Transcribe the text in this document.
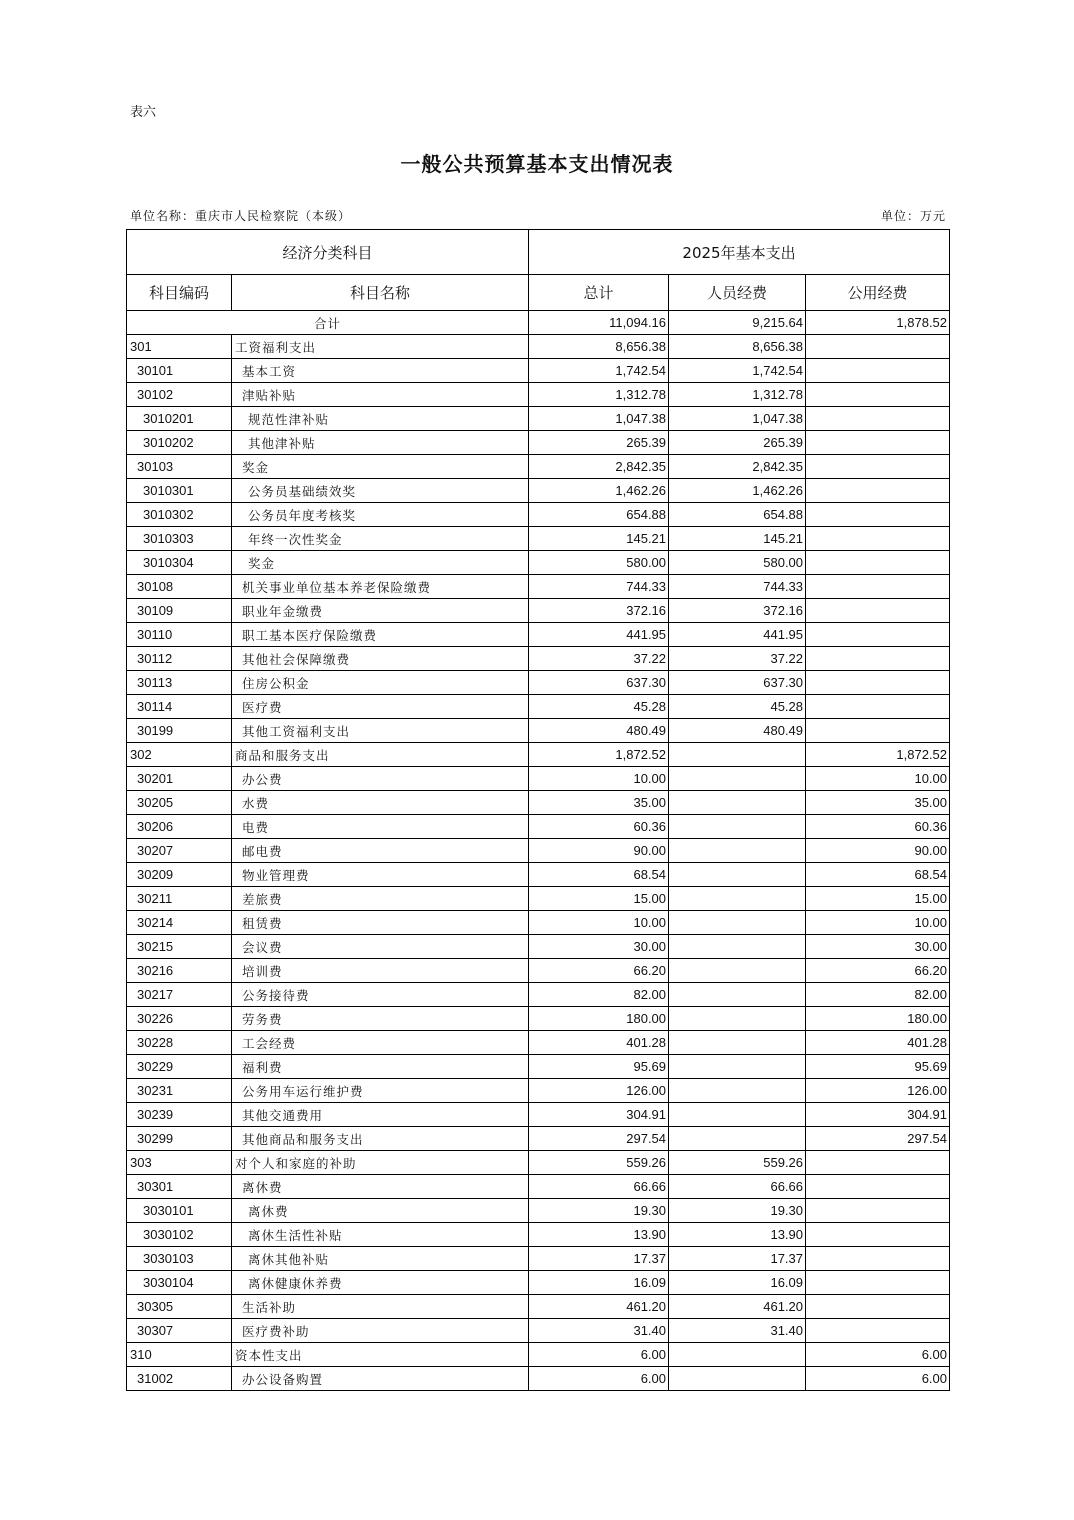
表六
一般公共预算基本支出情况表
单位名称：重庆市人民检察院（本级）	单位：万元
经济分类科目		2025年基本支出		
科目编码	科目名称	总计	人员经费	公用经费
合计		11,094.16	9,215.64	1,878.52
301	工资福利支出	8,656.38	8,656.38	
30101	基本工资	1,742.54	1,742.54	
30102	津贴补贴	1,312.78	1,312.78	
3010201	规范性津补贴	1,047.38	1,047.38	
3010202	其他津补贴	265.39	265.39	
30103	奖金	2,842.35	2,842.35	
3010301	公务员基础绩效奖	1,462.26	1,462.26	
3010302	公务员年度考核奖	654.88	654.88	
3010303	年终一次性奖金	145.21	145.21	
3010304	奖金	580.00	580.00	
30108	机关事业单位基本养老保险缴费	744.33	744.33	
30109	职业年金缴费	372.16	372.16	
30110	职工基本医疗保险缴费	441.95	441.95	
30112	其他社会保障缴费	37.22	37.22	
30113	住房公积金	637.30	637.30	
30114	医疗费	45.28	45.28	
30199	其他工资福利支出	480.49	480.49	
302	商品和服务支出	1,872.52		1,872.52
30201	办公费	10.00		10.00
30205	水费	35.00		35.00
30206	电费	60.36		60.36
30207	邮电费	90.00		90.00
30209	物业管理费	68.54		68.54
30211	差旅费	15.00		15.00
30214	租赁费	10.00		10.00
30215	会议费	30.00		30.00
30216	培训费	66.20		66.20
30217	公务接待费	82.00		82.00
30226	劳务费	180.00		180.00
30228	工会经费	401.28		401.28
30229	福利费	95.69		95.69
30231	公务用车运行维护费	126.00		126.00
30239	其他交通费用	304.91		304.91
30299	其他商品和服务支出	297.54		297.54
303	对个人和家庭的补助	559.26	559.26	
30301	离休费	66.66	66.66	
3030101	离休费	19.30	19.30	
3030102	离休生活性补贴	13.90	13.90	
3030103	离休其他补贴	17.37	17.37	
3030104	离休健康休养费	16.09	16.09	
30305	生活补助	461.20	461.20	
30307	医疗费补助	31.40	31.40	
310	资本性支出	6.00		6.00
31002	办公设备购置	6.00		6.00
